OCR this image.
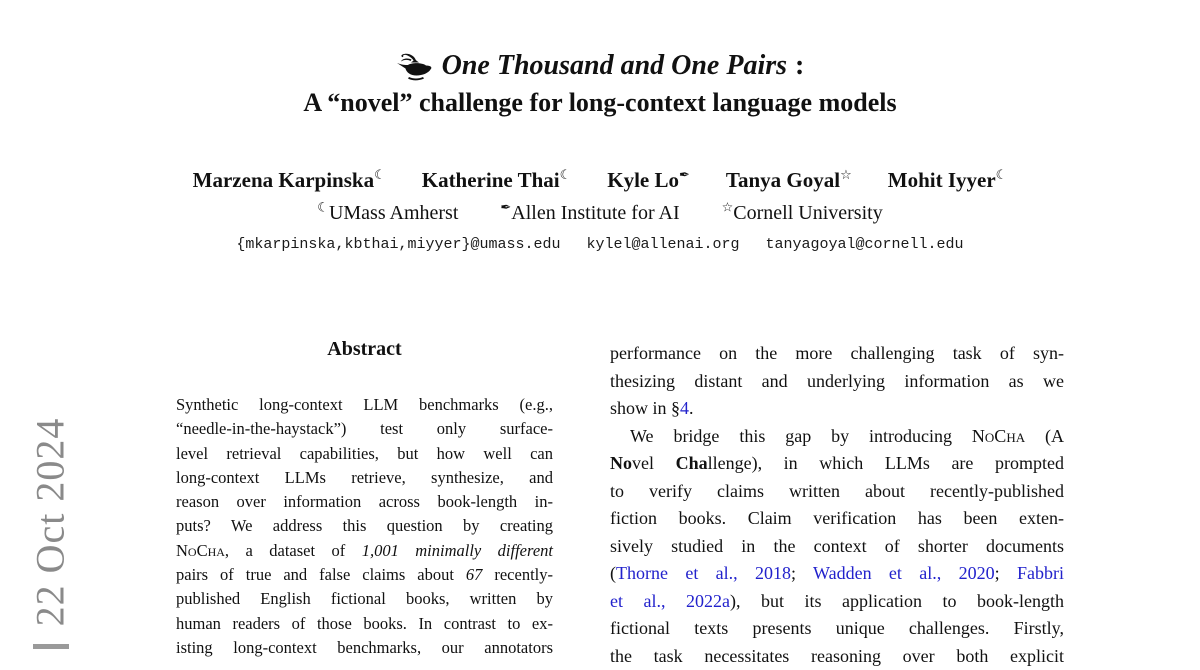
22 Oct 2024
One Thousand and One Pairs :
A “novel” challenge for long-context language models
Marzena Karpinska☾ Katherine Thai☾ Kyle Lo✒ Tanya Goyal☆ Mohit Iyyer☾
☾UMass Amherst	✒Allen Institute for AI	☆Cornell University
{mkarpinska,kbthai,miyyer}@umass.edu kylel@allenai.org tanyagoyal@cornell.edu
Abstract
Synthetic long-context LLM benchmarks (e.g.,
“needle-in-the-haystack”) test only surface-
level retrieval capabilities, but how well can
long-context LLMs retrieve, synthesize, and
reason over information across book-length in-
puts? We address this question by creating
NoCha, a dataset of 1,001 minimally different
pairs of true and false claims about 67 recently-
published English fictional books, written by
human readers of those books. In contrast to ex-
isting long-context benchmarks, our annotators
performance on the more challenging task of syn-
thesizing distant and underlying information as we
show in §4.
We bridge this gap by introducing NoCha (A
Novel Challenge), in which LLMs are prompted
to verify claims written about recently-published
fiction books. Claim verification has been exten-
sively studied in the context of shorter documents
(Thorne et al., 2018; Wadden et al., 2020; Fabbri
et al., 2022a), but its application to book-length
fictional texts presents unique challenges. Firstly,
the task necessitates reasoning over both explicit
